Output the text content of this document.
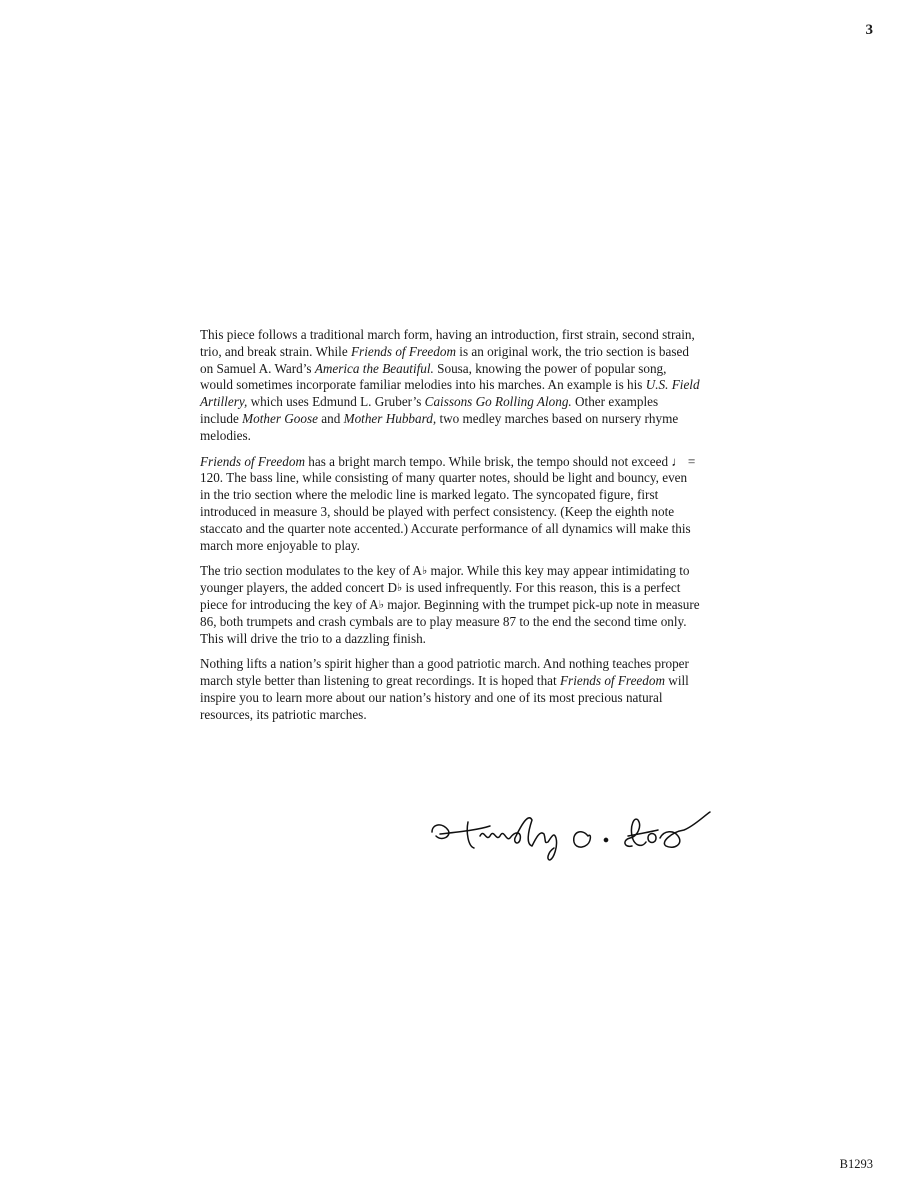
3

This piece follows a traditional march form, having an introduction, first strain, second strain, trio, and break strain. While Friends of Freedom is an original work, the trio section is based on Samuel A. Ward’s America the Beautiful. Sousa, knowing the power of popular song, would sometimes incorporate familiar melodies into his marches. An example is his U.S. Field Artillery, which uses Edmund L. Gruber’s Caissons Go Rolling Along. Other examples include Mother Goose and Mother Hubbard, two medley marches based on nursery rhyme melodies.

Friends of Freedom has a bright march tempo. While brisk, the tempo should not exceed ♩ = 120. The bass line, while consisting of many quarter notes, should be light and bouncy, even in the trio section where the melodic line is marked legato. The syncopated figure, first introduced in measure 3, should be played with perfect consistency. (Keep the eighth note staccato and the quarter note accented.) Accurate performance of all dynamics will make this march more enjoyable to play.

The trio section modulates to the key of A♭ major. While this key may appear intimidating to younger players, the added concert D♭ is used infrequently. For this reason, this is a perfect piece for introducing the key of A♭ major. Beginning with the trumpet pick-up note in measure 86, both trumpets and crash cymbals are to play measure 87 to the end the second time only. This will drive the trio to a dazzling finish.

Nothing lifts a nation’s spirit higher than a good patriotic march. And nothing teaches proper march style better than listening to great recordings. It is hoped that Friends of Freedom will inspire you to learn more about our nation’s history and one of its most precious natural resources, its patriotic marches.

B1293
